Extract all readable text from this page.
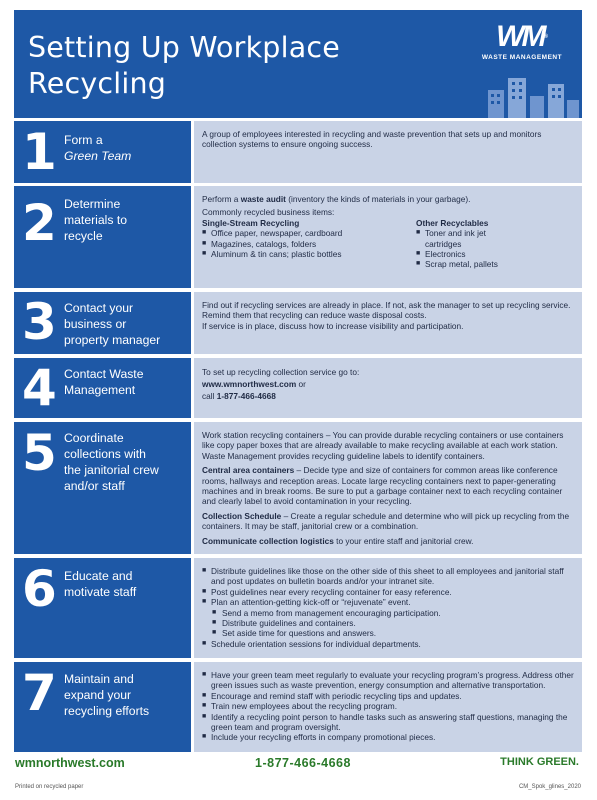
Setting Up Workplace
Recycling
WM®
WASTE MANAGEMENT
1 Form a
Green Team

A group of employees interested in recycling and waste prevention that sets up and monitors collection systems to ensure ongoing success.

2 Determine
materials to
recycle

Perform a waste audit (inventory the kinds of materials in your garbage).

Commonly recycled business items:
Single-Stream Recycling
■ Office paper, newspaper, cardboard
■ Magazines, catalogs, folders
■ Aluminum & tin cans; plastic bottles
Other Recyclables
■ Toner and ink jet cartridges
■ Electronics
■ Scrap metal, pallets
3 Contact your
business or
property manager
Find out if recycling services are already in place. If not, ask the manager to set up recycling service. Remind them that recycling can reduce waste disposal costs.
If service is in place, discuss how to increase visibility and participation.
4 Contact Waste
Management
To set up recycling collection service go to:
www.wmnorthwest.com or
call 1-877-466-4668
5 Coordinate
collections with
the janitorial crew
and/or staff

Work station recycling containers – You can provide durable recycling containers or use containers like copy paper boxes that are already available to make recycling available at each work station. Waste Management provides recycling guideline labels to identify containers.

Central area containers – Decide type and size of containers for common areas like conference rooms, hallways and reception areas. Locate large recycling containers next to paper-generating machines and in break rooms. Be sure to put a garbage container next to each recycling container and clearly label to avoid contamination in your recycling.

Collection Schedule – Create a regular schedule and determine who will pick up recycling from the containers. It may be staff, janitorial crew or a combination.

Communicate collection logistics to your entire staff and janitorial crew.

6 Educate and
motivate staff
■ Distribute guidelines like those on the other side of this sheet to all employees and janitorial staff and post updates on bulletin boards and/or your intranet site.
■ Post guidelines near every recycling container for easy reference.
■ Plan an attention-getting kick-off or “rejuvenate” event.
■ Send a memo from management encouraging participation.
■ Distribute guidelines and containers.
■ Set aside time for questions and answers.
■ Schedule orientation sessions for individual departments.
7 Maintain and
expand your
recycling efforts
■ Have your green team meet regularly to evaluate your recycling program’s progress. Address other green issues such as waste prevention, energy consumption and alternative transportation.
■ Encourage and remind staff with periodic recycling tips and updates.
■ Train new employees about the recycling program.
■ Identify a recycling point person to handle tasks such as answering staff questions, managing the green team and program oversight.
■ Include your recycling efforts in company promotional pieces.
wmnorthwest.com	1-877-466-4668	THINK GREEN.
Printed on recycled paper	CM_Spok_glines_2020
